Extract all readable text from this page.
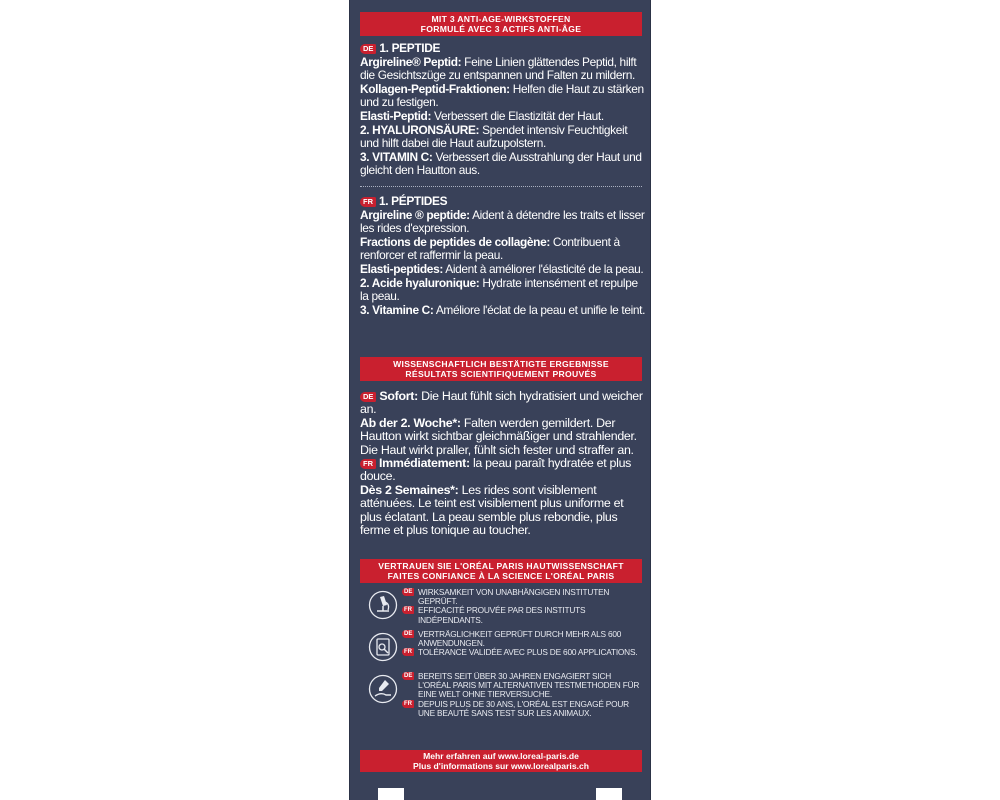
MIT 3 ANTI-AGE-WIRKSTOFFEN
FORMULÉ AVEC 3 ACTIFS ANTI-ÂGE

DE 1. PEPTIDE

Argireline® Peptid: Feine Linien glättendes Peptid, hilft die Gesichtszüge zu entspannen und Falten zu mildern.

Kollagen-Peptid-Fraktionen: Helfen die Haut zu stärken und zu festigen.

Elasti-Peptid: Verbessert die Elastizität der Haut.

2. HYALURONSÄURE: Spendet intensiv Feuchtigkeit und hilft dabei die Haut aufzupolstern.

3. VITAMIN C: Verbessert die Ausstrahlung der Haut und gleicht den Hautton aus.

FR 1. PÉPTIDES

Argireline ® peptide: Aident à détendre les traits et lisser les rides d'expression.

Fractions de peptides de collagène: Contribuent à renforcer et raffermir la peau.

Elasti-peptides: Aident à améliorer l'élasticité de la peau.

2. Acide hyaluronique: Hydrate intensément et repulpe la peau.

3. Vitamine C: Améliore l'éclat de la peau et unifie le teint.

WISSENSCHAFTLICH BESTÄTIGTE ERGEBNISSE
RÉSULTATS SCIENTIFIQUEMENT PROUVÉS

DE Sofort: Die Haut fühlt sich hydratisiert und weicher an.

Ab der 2. Woche*: Falten werden gemildert. Der Hautton wirkt sichtbar gleichmäßiger und strahlender. Die Haut wirkt praller, fühlt sich fester und straffer an.

FR Immédiatement: la peau paraît hydratée et plus douce.

Dès 2 Semaines*: Les rides sont visiblement atténuées. Le teint est visiblement plus uniforme et plus éclatant. La peau semble plus rebondie, plus ferme et plus tonique au toucher.

VERTRAUEN SIE L'ORÉAL PARIS HAUTWISSENSCHAFT
FAITES CONFIANCE À LA SCIENCE L'ORÉAL PARIS
DE WIRKSAMKEIT VON UNABHÄNGIGEN INSTITUTEN GEPRÜFT.
FR EFFICACITÉ PROUVÉE PAR DES INSTITUTS INDÉPENDANTS.
DE VERTRÄGLICHKEIT GEPRÜFT DURCH MEHR ALS 600 ANWENDUNGEN.
FR TOLÉRANCE VALIDÉE AVEC PLUS DE 600 APPLICATIONS.
DE BEREITS SEIT ÜBER 30 JAHREN ENGAGIERT SICH L'ORÉAL PARIS MIT ALTERNATIVEN TESTMETHODEN FÜR EINE WELT OHNE TIERVERSUCHE.
FR DEPUIS PLUS DE 30 ANS, L'ORÉAL EST ENGAGÉ POUR UNE BEAUTÉ SANS TEST SUR LES ANIMAUX.
Mehr erfahren auf www.loreal-paris.de
Plus d'informations sur www.lorealparis.ch
